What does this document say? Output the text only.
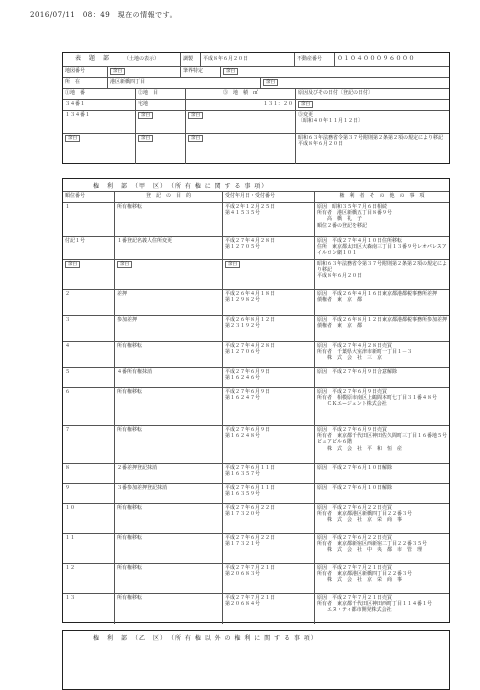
2016/07/11　08：49　現在の情報です。
表　題　部	（土地の表示）	調製	平成８年６月２０日	不動産番号	０１０４０００９６０００
地図番号	余白	筆界特定	余白
所　在	港区新橋四丁目	余白
①地　番	②地　目	③　地　積　㎡	原因及びその日付〔登記の日付〕
３４番１	宅地	１３１：２０	余白
１３４番１	余白	余白	③変更
〔昭和４０年１１月１２日〕
余白	余白	余白	昭和６３年法務省令第３７号附則第２条第２項の規定により移記
平成８年６月２０日
権　利　部　（甲　区）　（所 有 権 に 関 す る 事 項）
順位番号	登　記　の　目　的	受付年月日・受付番号	権　利　者　そ　の　他　の　事　項
１	所有権移転	平成２年１２月２５日
第４１５３５号
原因　昭和３５年７月６日相続
所有者　港区新橋五丁目８番９号
　　高　橋　礼　子
順位２番の登記を移記
付記１号	１番登記名義人住所変更	平成２７年４月２８日
第１２７０５号
原因　平成２７年４月１０日住所移転
住所　東京都太田区大森南三丁目１３番９号レオパレスアイルロン網１０１
余白	余白	余白	昭和６３年法務省令第３７号附則第２条第２項の規定により移記
平成８年６月２０日
２	差押	平成２６年４月１８日
第１２９８２号
原因　平成２６年４月１６日東京都港都税事務所差押
債権者　東　京　都
３	参加差押	平成２６年８月１２日
第２３１９２号
原因　平成２６年８月１２日東京都港都税事務所参加差押
債権者　東　京　都
４	所有権移転	平成２７年４月２８日
第１２７０６号
原因　平成２７年４月２８日売買
所有者　千葉県大室津市新町一丁目１－３
　　株　式　会　社　三　京
５	４番所有権抹消	平成２７年６月９日
第１６２４６号
原因　平成２７年６月９日合意解除
６	所有権移転	平成２７年６月９日
第１６２４７号
原因　平成２７年６月９日売買
所有者　相模原市南区上鶴間本町七丁目３１番４８号
　　ＣＫエージェント株式会社
７	所有権移転	平成２７年６月９日
第１６２４８号
原因　平成２７年６月９日売買
所有者　東京都千代田区神田佐久間町三丁目１６番地５号ピュアビル６階
　　株　式　会　社　平　和　恒　産
８	２番差押登記抹消	平成２７年６月１１日
第１６３５７号
原因　平成２７年６月１０日解除
９	３番参加差押登記抹消	平成２７年６月１１日
第１６３５９号
原因　平成２７年６月１０日解除
１０	所有権移転	平成２７年６月２２日
第１７３２０号
原因　平成２７年６月２２日売買
所有者　東京都港区新橋四丁目２２番３号
　　株　式　会　社　京　栄　商　事
１１	所有権移転	平成２７年６月２２日
第１７３２１号
原因　平成２７年６月２２日売買
所有者　東京都新宿区西新宿二丁目２２番３５号
　　株　式　会　社　中　央　都　市　管　理
１２	所有権移転	平成２７年７月２１日
第２０６８３号
原因　平成２７年７月２１日売買
所有者　東京都港区新橋四丁目２２番３号
　　株　式　会　社　京　栄　商　事
１３	所有権移転	平成２７年７月２１日
第２０６８４号
原因　平成２７年７月２１日売買
所有者　東京都千代田区神田西町丁目１１４番１号
　　エヌ・ティ都市開発株式会社
権　利　部　（乙　区）　（所 有 権 以 外 の 権 利 に 関 す る 事 項）
